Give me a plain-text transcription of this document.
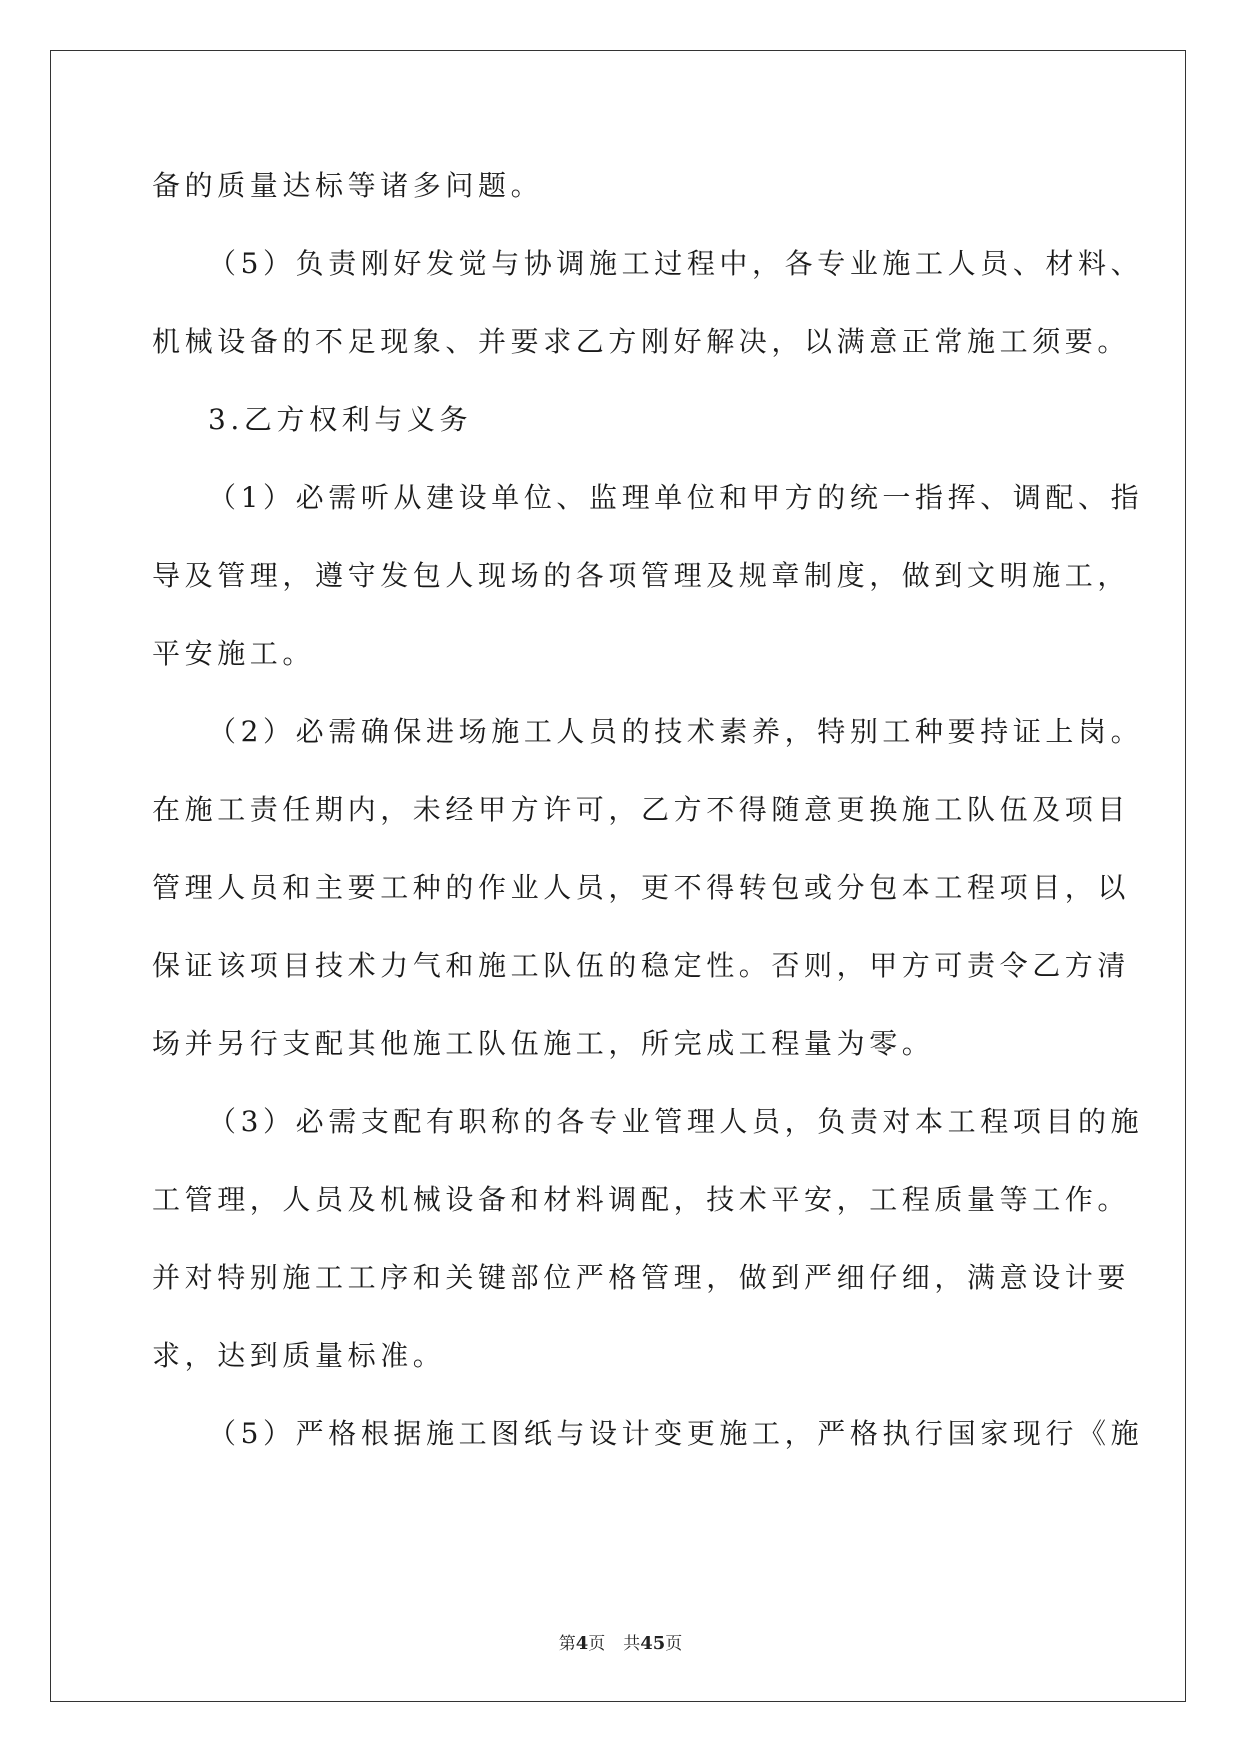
备的质量达标等诸多问题。
（5）负责刚好发觉与协调施工过程中，各专业施工人员、材料、
机械设备的不足现象、并要求乙方刚好解决，以满意正常施工须要。
3.乙方权利与义务
（1）必需听从建设单位、监理单位和甲方的统一指挥、调配、指
导及管理，遵守发包人现场的各项管理及规章制度，做到文明施工，
平安施工。
（2）必需确保进场施工人员的技术素养，特别工种要持证上岗。
在施工责任期内，未经甲方许可，乙方不得随意更换施工队伍及项目
管理人员和主要工种的作业人员，更不得转包或分包本工程项目，以
保证该项目技术力气和施工队伍的稳定性。否则，甲方可责令乙方清
场并另行支配其他施工队伍施工，所完成工程量为零。
（3）必需支配有职称的各专业管理人员，负责对本工程项目的施
工管理，人员及机械设备和材料调配，技术平安，工程质量等工作。
并对特别施工工序和关键部位严格管理，做到严细仔细，满意设计要
求，达到质量标准。
（5）严格根据施工图纸与设计变更施工，严格执行国家现行《施
第4页 共45页
